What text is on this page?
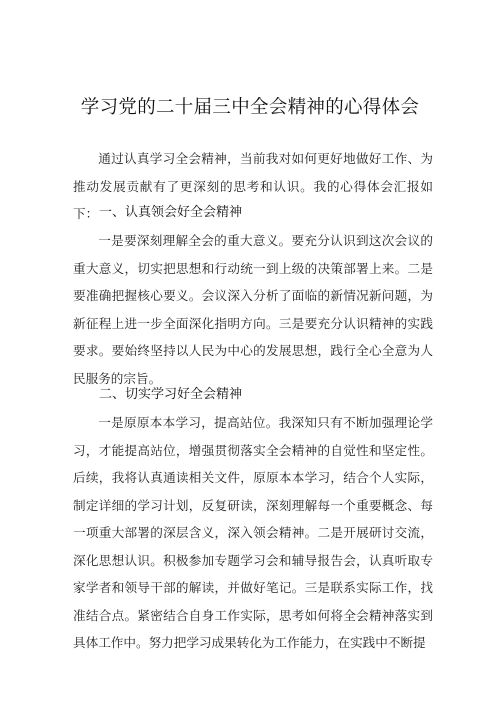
学习党的二十届三中全会精神的心得体会

通过认真学习全会精神，当前我对如何更好地做好工作、为推动发展贡献有了更深刻的思考和认识。我的心得体会汇报如下： 一、认真领会好全会精神

一是要深刻理解全会的重大意义。要充分认识到这次会议的重大意义，切实把思想和行动统一到上级的决策部署上来。二是要准确把握核心要义。会议深入分析了面临的新情况新问题，为新征程上进一步全面深化指明方向。三是要充分认识精神的实践要求。要始终坚持以人民为中心的发展思想，践行全心全意为人民服务的宗旨。

二、切实学习好全会精神

一是原原本本学习，提高站位。我深知只有不断加强理论学习，才能提高站位，增强贯彻落实全会精神的自觉性和坚定性。后续，我将认真通读相关文件，原原本本学习，结合个人实际，制定详细的学习计划，反复研读，深刻理解每一个重要概念、每一项重大部署的深层含义，深入领会精神。二是开展研讨交流，深化思想认识。积极参加专题学习会和辅导报告会，认真听取专家学者和领导干部的解读，并做好笔记。三是联系实际工作，找准结合点。紧密结合自身工作实际，思考如何将全会精神落实到具体工作中。努力把学习成果转化为工作能力，在实践中不断提
